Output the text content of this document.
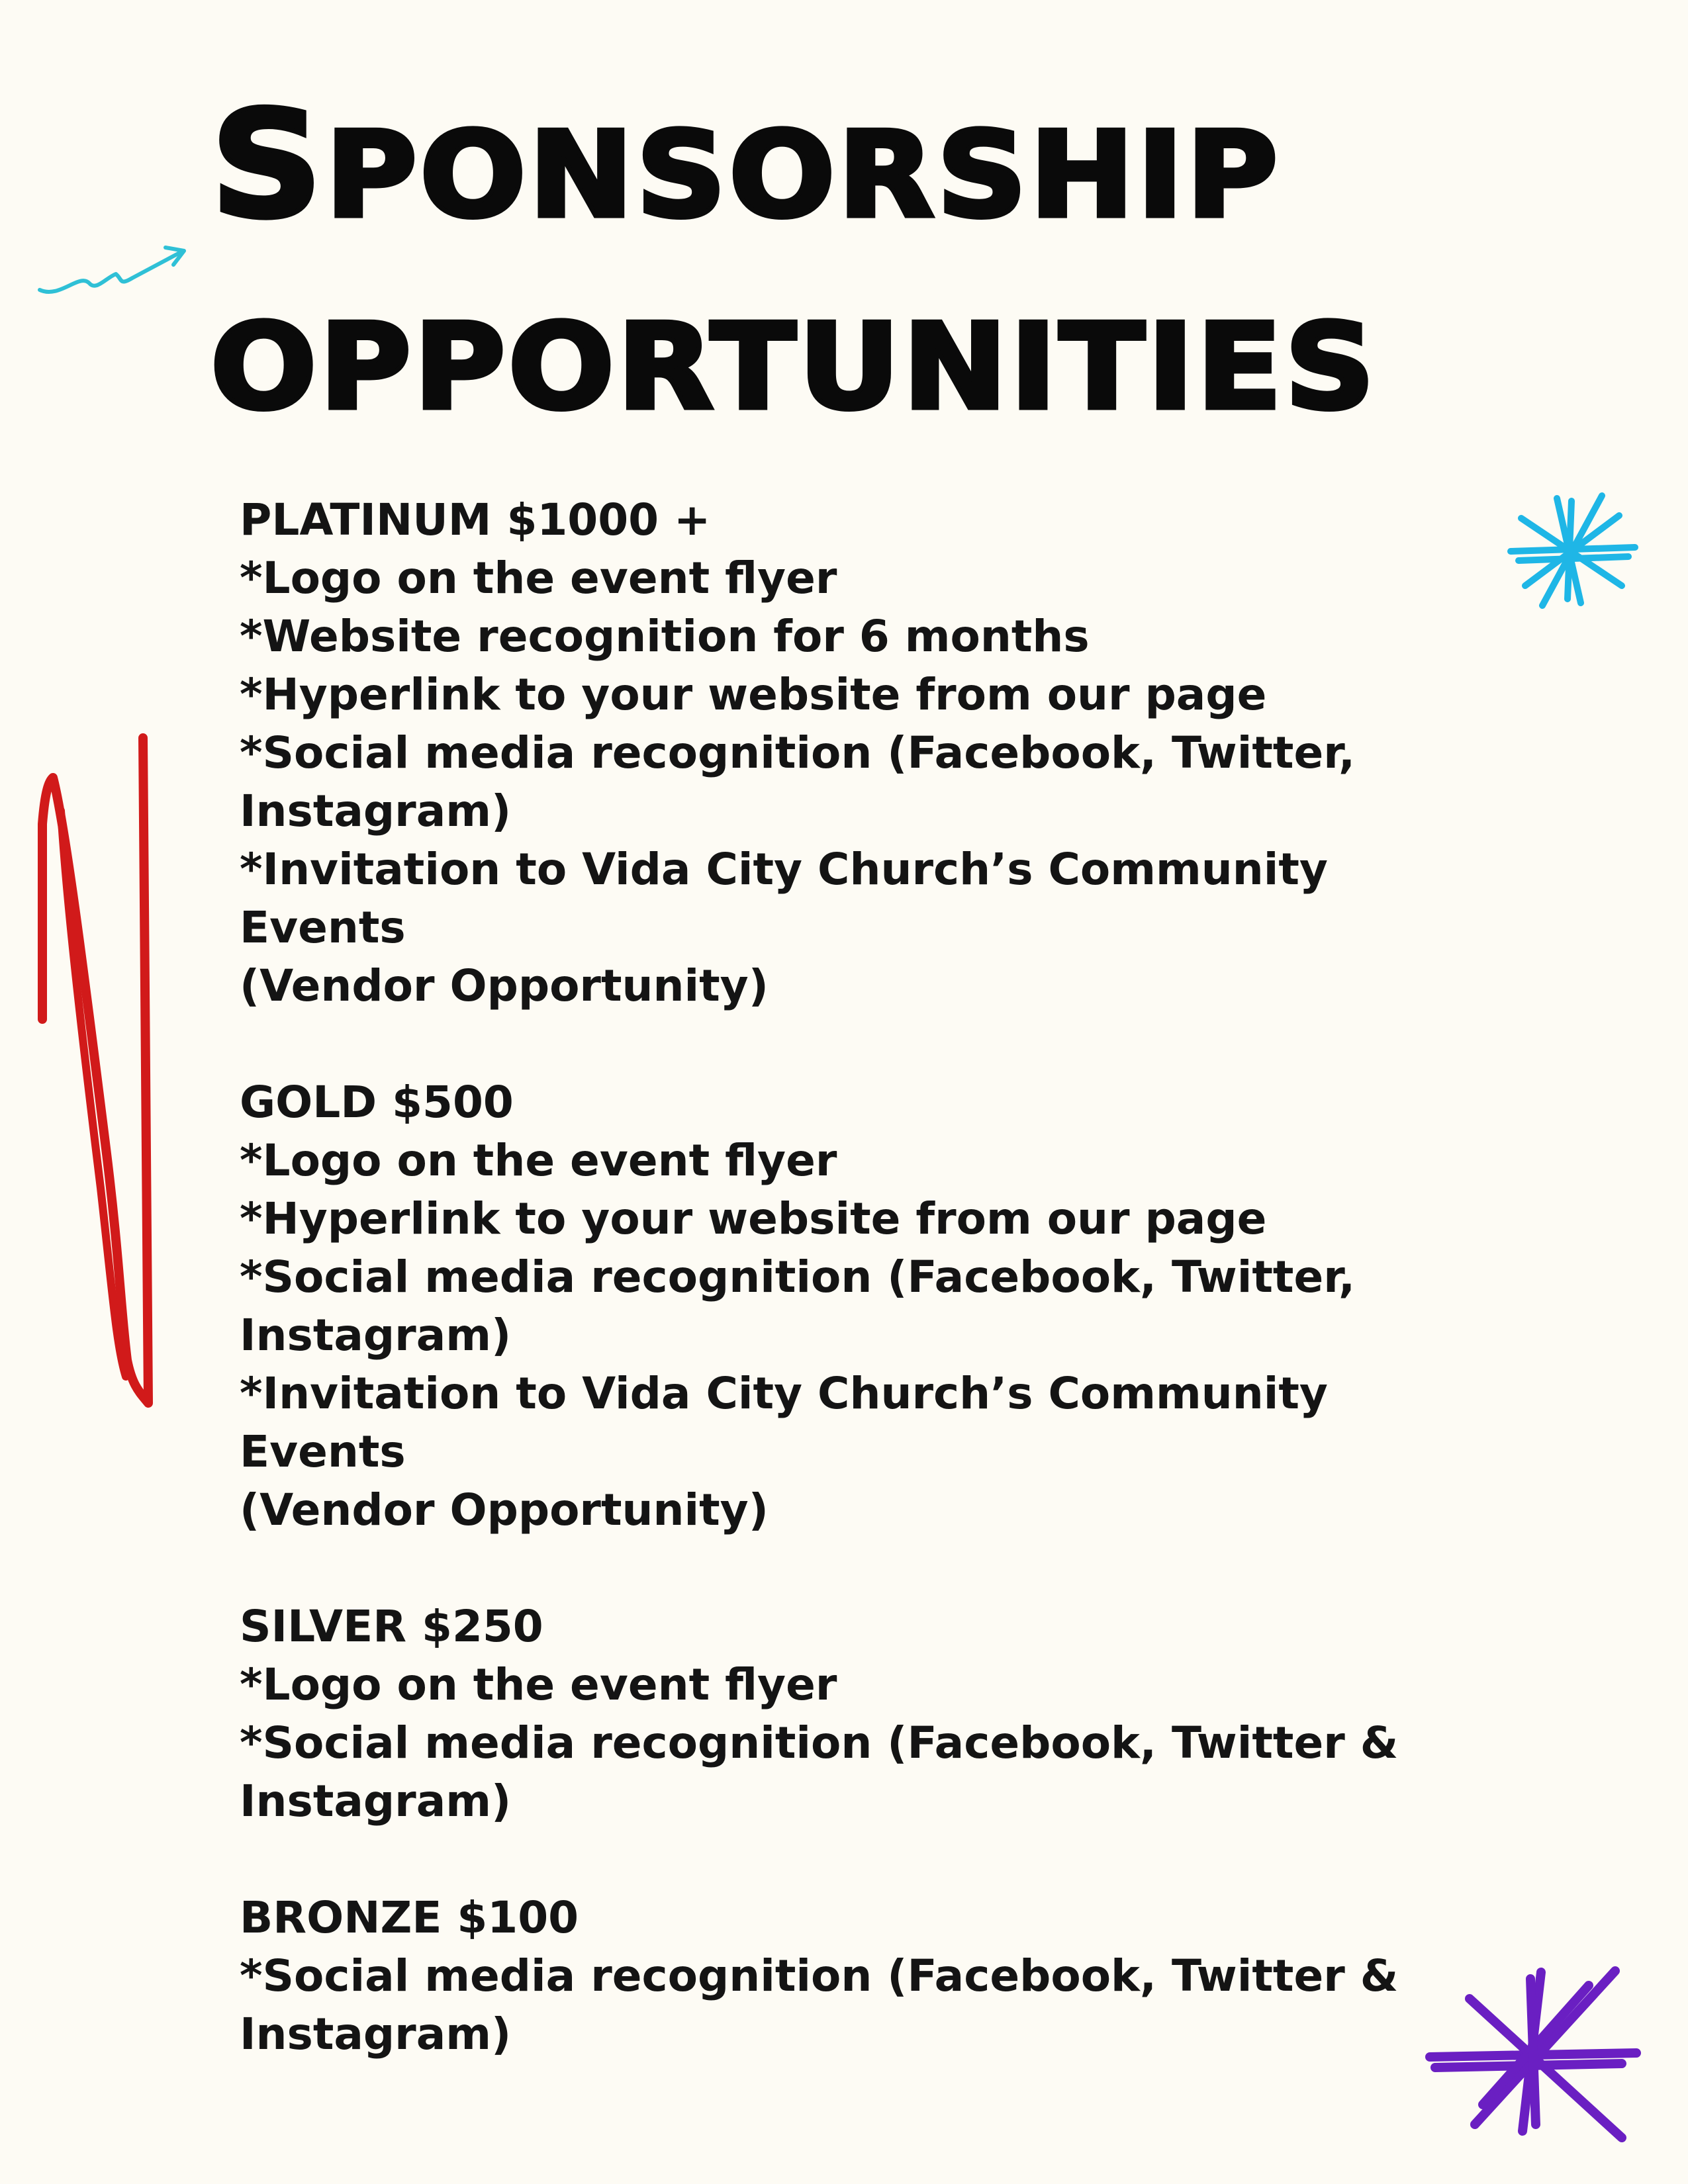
SPONSORSHIP
OPPORTUNITIES
PLATINUM $1000 +
*Logo on the event flyer
*Website recognition for 6 months
*Hyperlink to your website from our page
*Social media recognition (Facebook, Twitter,
Instagram)
*Invitation to Vida City Church’s Community Events
(Vendor Opportunity)
GOLD $500
*Logo on the event flyer
*Hyperlink to your website from our page
*Social media recognition (Facebook, Twitter,
Instagram)
*Invitation to Vida City Church’s Community Events
(Vendor Opportunity)
SILVER $250
*Logo on the event flyer
*Social media recognition (Facebook, Twitter &
Instagram)
BRONZE $100
*Social media recognition (Facebook, Twitter &
Instagram)
